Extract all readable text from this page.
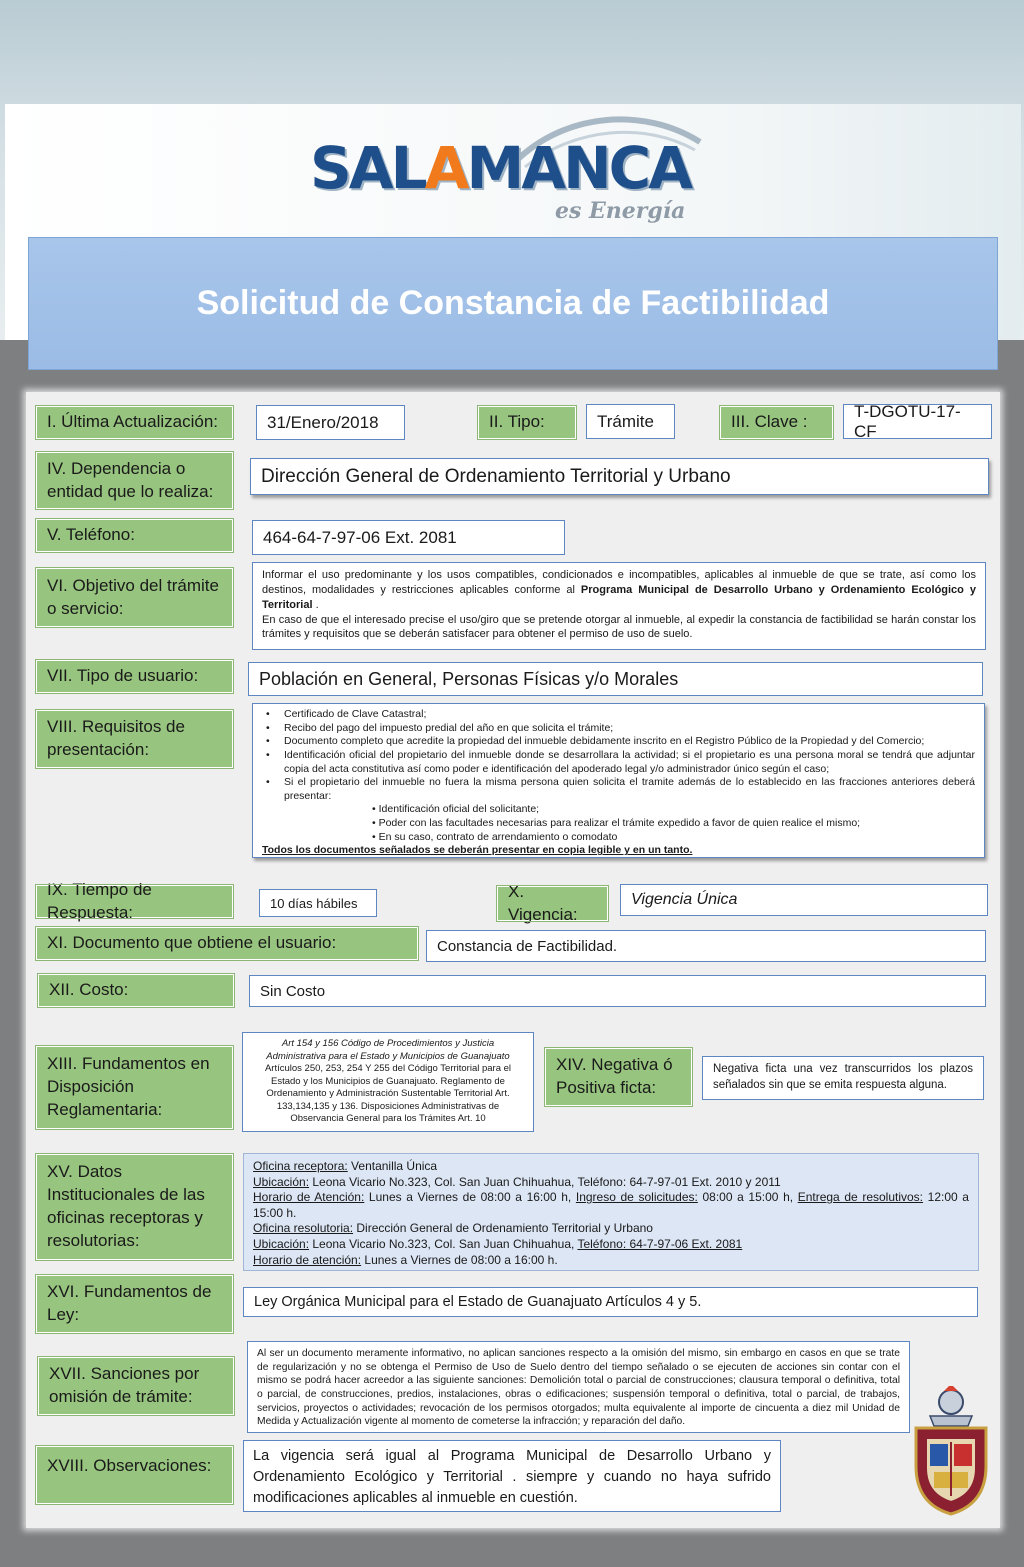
SALAMANCA
es Energía
Solicitud de Constancia de Factibilidad
I. Última Actualización:	31/Enero/2018	II. Tipo:	Trámite	III. Clave :
T-DGOTU-17-CF
IV. Dependencia o entidad que lo realiza:
Dirección General de Ordenamiento Territorial y Urbano
V. Teléfono:	464-64-7-97-06 Ext. 2081
VI. Objetivo del trámite o servicio:
Informar el uso predominante y los usos compatibles, condicionados e incompatibles, aplicables al inmueble de que se trate, así como los destinos, modalidades y restricciones aplicables conforme al Programa Municipal de Desarrollo Urbano y Ordenamiento Ecológico y Territorial .
En caso de que el interesado precise el uso/giro que se pretende otorgar al inmueble, al expedir la constancia de factibilidad se harán constar los trámites y requisitos que se deberán satisfacer para obtener el permiso de uso de suelo.
VII. Tipo de usuario:	Población en General, Personas Físicas y/o Morales
VIII. Requisitos de presentación:
• Certificado de Clave Catastral;
• Recibo del pago del impuesto predial del año en que solicita el trámite;
• Documento completo que acredite la propiedad del inmueble debidamente inscrito en el Registro Público de la Propiedad y del Comercio;
• Identificación oficial del propietario del inmueble donde se desarrollara la actividad; si el propietario es una persona moral se tendrá que adjuntar copia del acta constitutiva así como poder e identificación del apoderado legal y/o administrador único según el caso;
• Si el propietario del inmueble no fuera la misma persona quien solicita el tramite además de lo establecido en las fracciones anteriores deberá presentar:
• Identificación oficial del solicitante;
• Poder con las facultades necesarias para realizar el trámite expedido a favor de quien realice el mismo;
• En su caso, contrato de arrendamiento o comodato
Todos los documentos señalados se deberán presentar en copia legible y en un tanto.
IX. Tiempo de Respuesta:	10 días hábiles
X. Vigencia:
Vigencia Única
XI. Documento que obtiene el usuario:	Constancia de Factibilidad.
XII. Costo:	Sin Costo
XIII. Fundamentos en Disposición Reglamentaria:
Art 154 y 156 Código de Procedimientos y Justicia Administrativa para el Estado y Municipios de Guanajuato Artículos 250, 253, 254 Y 255 del Código Territorial para el Estado y los Municipios de Guanajuato. Reglamento de Ordenamiento y Administración Sustentable Territorial Art. 133,134,135 y 136. Disposiciones Administrativas de Observancia General para los Trámites Art. 10
XIV. Negativa ó Positiva ficta:
Negativa ficta una vez transcurridos los plazos señalados sin que se emita respuesta alguna.
XV. Datos Institucionales de las oficinas receptoras y resolutorias:
Oficina receptora: Ventanilla Única
Ubicación: Leona Vicario No.323, Col. San Juan Chihuahua, Teléfono: 64-7-97-01 Ext. 2010 y 2011
Horario de Atención: Lunes a Viernes de 08:00 a 16:00 h, Ingreso de solicitudes: 08:00 a 15:00 h, Entrega de resolutivos: 12:00 a 15:00 h.
Oficina resolutoria: Dirección General de Ordenamiento Territorial y Urbano
Ubicación: Leona Vicario No.323, Col. San Juan Chihuahua, Teléfono: 64-7-97-06 Ext. 2081
Horario de atención: Lunes a Viernes de 08:00 a 16:00 h.
XVI. Fundamentos de Ley:
Ley Orgánica Municipal para el Estado de Guanajuato Artículos 4 y 5.
XVII. Sanciones por omisión de trámite:
Al ser un documento meramente informativo, no aplican sanciones respecto a la omisión del mismo, sin embargo en casos en que se trate de regularización y no se obtenga el Permiso de Uso de Suelo dentro del tiempo señalado o se ejecuten de acciones sin contar con el mismo se podrá hacer acreedor a las siguiente sanciones: Demolición total o parcial de construcciones; clausura temporal o definitiva, total o parcial, de construcciones, predios, instalaciones, obras o edificaciones; suspensión temporal o definitiva, total o parcial, de trabajos, servicios, proyectos o actividades; revocación de los permisos otorgados; multa equivalente al importe de cincuenta a diez mil Unidad de Medida y Actualización vigente al momento de cometerse la infracción; y reparación del daño.
XVIII. Observaciones:	La vigencia será igual al Programa Municipal de Desarrollo Urbano y Ordenamiento Ecológico y Territorial . siempre y cuando no haya sufrido modificaciones aplicables al inmueble en cuestión.
